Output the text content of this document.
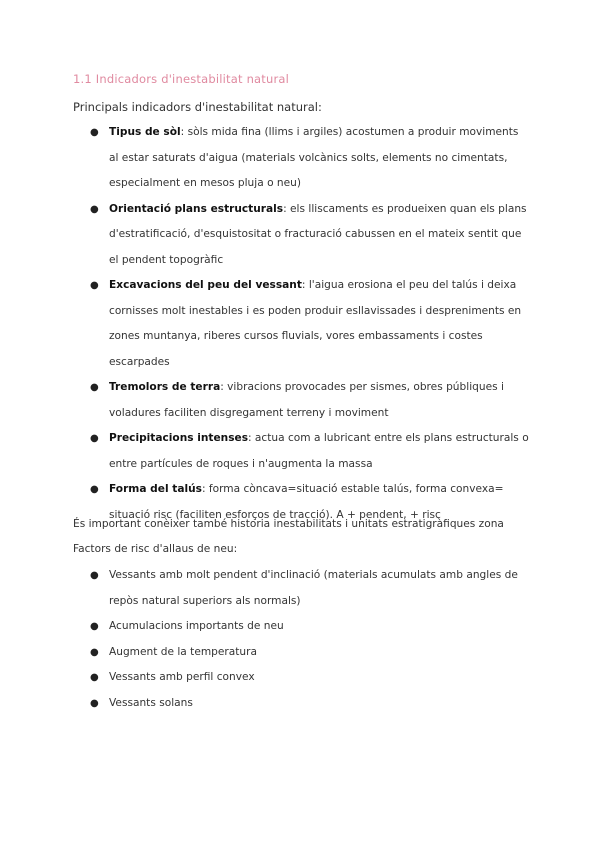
1.1 Indicadors d'inestabilitat natural
Principals indicadors d'inestabilitat natural:
● Tipus de sòl: sòls mida fina (llims i argiles) acostumen a produir moviments al estar saturats d'aigua (materials volcànics solts, elements no cimentats, especialment en mesos pluja o neu)
● Orientació plans estructurals: els lliscaments es produeixen quan els plans d'estratificació, d'esquistositat o fracturació cabussen en el mateix sentit que el pendent topogràfic
● Excavacions del peu del vessant: l'aigua erosiona el peu del talús i deixa cornisses molt inestables i es poden produir esllavissades i despreniments en zones muntanya, riberes cursos fluvials, vores embassaments i costes escarpades
● Tremolors de terra: vibracions provocades per sismes, obres públiques i voladures faciliten disgregament terreny i moviment
● Precipitacions intenses: actua com a lubricant entre els plans estructurals o entre partícules de roques i n'augmenta la massa
● Forma del talús: forma còncava=situació estable talús, forma convexa= situació risc (faciliten esforços de tracció). A + pendent, + risc

És important conèixer també historia inestabilitats i unitats estratigràfiques zona

Factors de risc d'allaus de neu:

● Vessants amb molt pendent d'inclinació (materials acumulats amb angles de repòs natural superiors als normals)
● Acumulacions importants de neu
● Augment de la temperatura
● Vessants amb perfil convex
● Vessants solans
